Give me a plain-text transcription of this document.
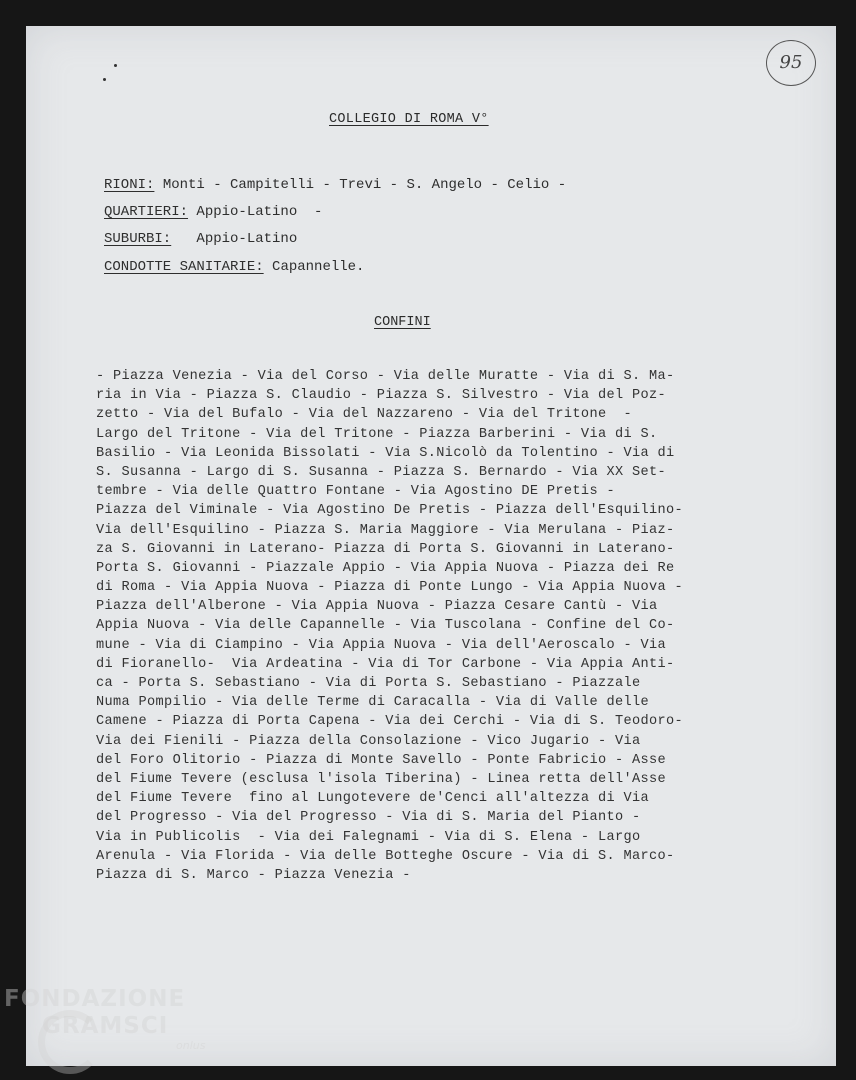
95
COLLEGIO DI ROMA V°
RIONI: Monti - Campitelli - Trevi - S. Angelo - Celio -
QUARTIERI: Appio-Latino  -
SUBURBI:   Appio-Latino
CONDOTTE SANITARIE: Capannelle.
CONFINI
- Piazza Venezia - Via del Corso - Via delle Muratte - Via di S. Ma-
ria in Via - Piazza S. Claudio - Piazza S. Silvestro - Via del Poz-
zetto - Via del Bufalo - Via del Nazzareno - Via del Tritone  -
Largo del Tritone - Via del Tritone - Piazza Barberini - Via di S.
Basilio - Via Leonida Bissolati - Via S.Nicolò da Tolentino - Via di
S. Susanna - Largo di S. Susanna - Piazza S. Bernardo - Via XX Set-
tembre - Via delle Quattro Fontane - Via Agostino DE Pretis -
Piazza del Viminale - Via Agostino De Pretis - Piazza dell'Esquilino-
Via dell'Esquilino - Piazza S. Maria Maggiore - Via Merulana - Piaz-
za S. Giovanni in Laterano- Piazza di Porta S. Giovanni in Laterano-
Porta S. Giovanni - Piazzale Appio - Via Appia Nuova - Piazza dei Re
di Roma - Via Appia Nuova - Piazza di Ponte Lungo - Via Appia Nuova -
Piazza dell'Alberone - Via Appia Nuova - Piazza Cesare Cantù - Via
Appia Nuova - Via delle Capannelle - Via Tuscolana - Confine del Co-
mune - Via di Ciampino - Via Appia Nuova - Via dell'Aeroscalo - Via
di Fioranello-  Via Ardeatina - Via di Tor Carbone - Via Appia Anti-
ca - Porta S. Sebastiano - Via di Porta S. Sebastiano - Piazzale
Numa Pompilio - Via delle Terme di Caracalla - Via di Valle delle
Camene - Piazza di Porta Capena - Via dei Cerchi - Via di S. Teodoro-
Via dei Fienili - Piazza della Consolazione - Vico Jugario - Via
del Foro Olitorio - Piazza di Monte Savello - Ponte Fabricio - Asse
del Fiume Tevere (esclusa l'isola Tiberina) - Linea retta dell'Asse
del Fiume Tevere  fino al Lungotevere de'Cenci all'altezza di Via
del Progresso - Via del Progresso - Via di S. Maria del Pianto -
Via in Publicolis  - Via dei Falegnami - Via di S. Elena - Largo
Arenula - Via Florida - Via delle Botteghe Oscure - Via di S. Marco-
Piazza di S. Marco - Piazza Venezia -
FONDAZIONE
GRAMSCI
onlus
